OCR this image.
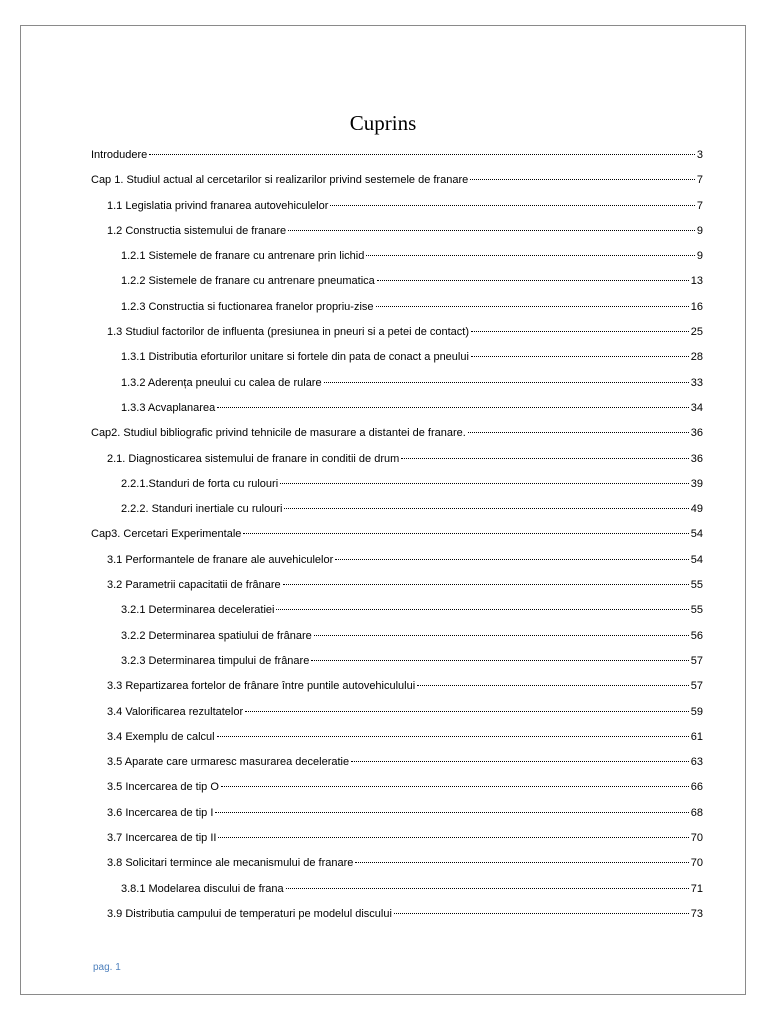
Cuprins
Introdudere	3
Cap 1. Studiul actual al cercetarilor si realizarilor privind sestemele de franare	7
1.1 Legislatia privind franarea autovehiculelor	7
1.2 Constructia sistemului de franare	9
1.2.1 Sistemele de franare cu antrenare prin lichid	9
1.2.2 Sistemele de franare cu antrenare pneumatica	13
1.2.3 Constructia si fuctionarea franelor propriu-zise	16
1.3 Studiul factorilor de influenta (presiunea in pneuri si a petei de contact)	25
1.3.1 Distributia eforturilor unitare si fortele din pata de conact a pneului	28
1.3.2 Aderența pneului cu calea de rulare	33
1.3.3 Acvaplanarea	34
Cap2. Studiul bibliografic privind tehnicile de masurare a distantei de franare.	36
2.1. Diagnosticarea sistemului de franare in conditii de drum	36
2.2.1.Standuri de forta cu rulouri	39
2.2.2. Standuri inertiale cu rulouri	49
Cap3. Cercetari Experimentale	54
3.1 Performantele de franare ale auvehiculelor	54
3.2 Parametrii capacitatii de frânare	55
3.2.1 Determinarea deceleratiei	55
3.2.2 Determinarea spatiului de frânare	56
3.2.3 Determinarea timpului de frânare	57
3.3 Repartizarea fortelor de frânare între puntile autovehiculului	57
3.4 Valorificarea rezultatelor	59
3.4 Exemplu de calcul	61
3.5 Aparate care urmaresc masurarea deceleratie	63
3.5 Incercarea de tip O	66
3.6 Incercarea de tip I	68
3.7 Incercarea de tip II	70
3.8 Solicitari termince ale mecanismului de franare	70
3.8.1 Modelarea discului de frana	71
3.9 Distributia campului de temperaturi pe modelul discului	73
pag. 1
